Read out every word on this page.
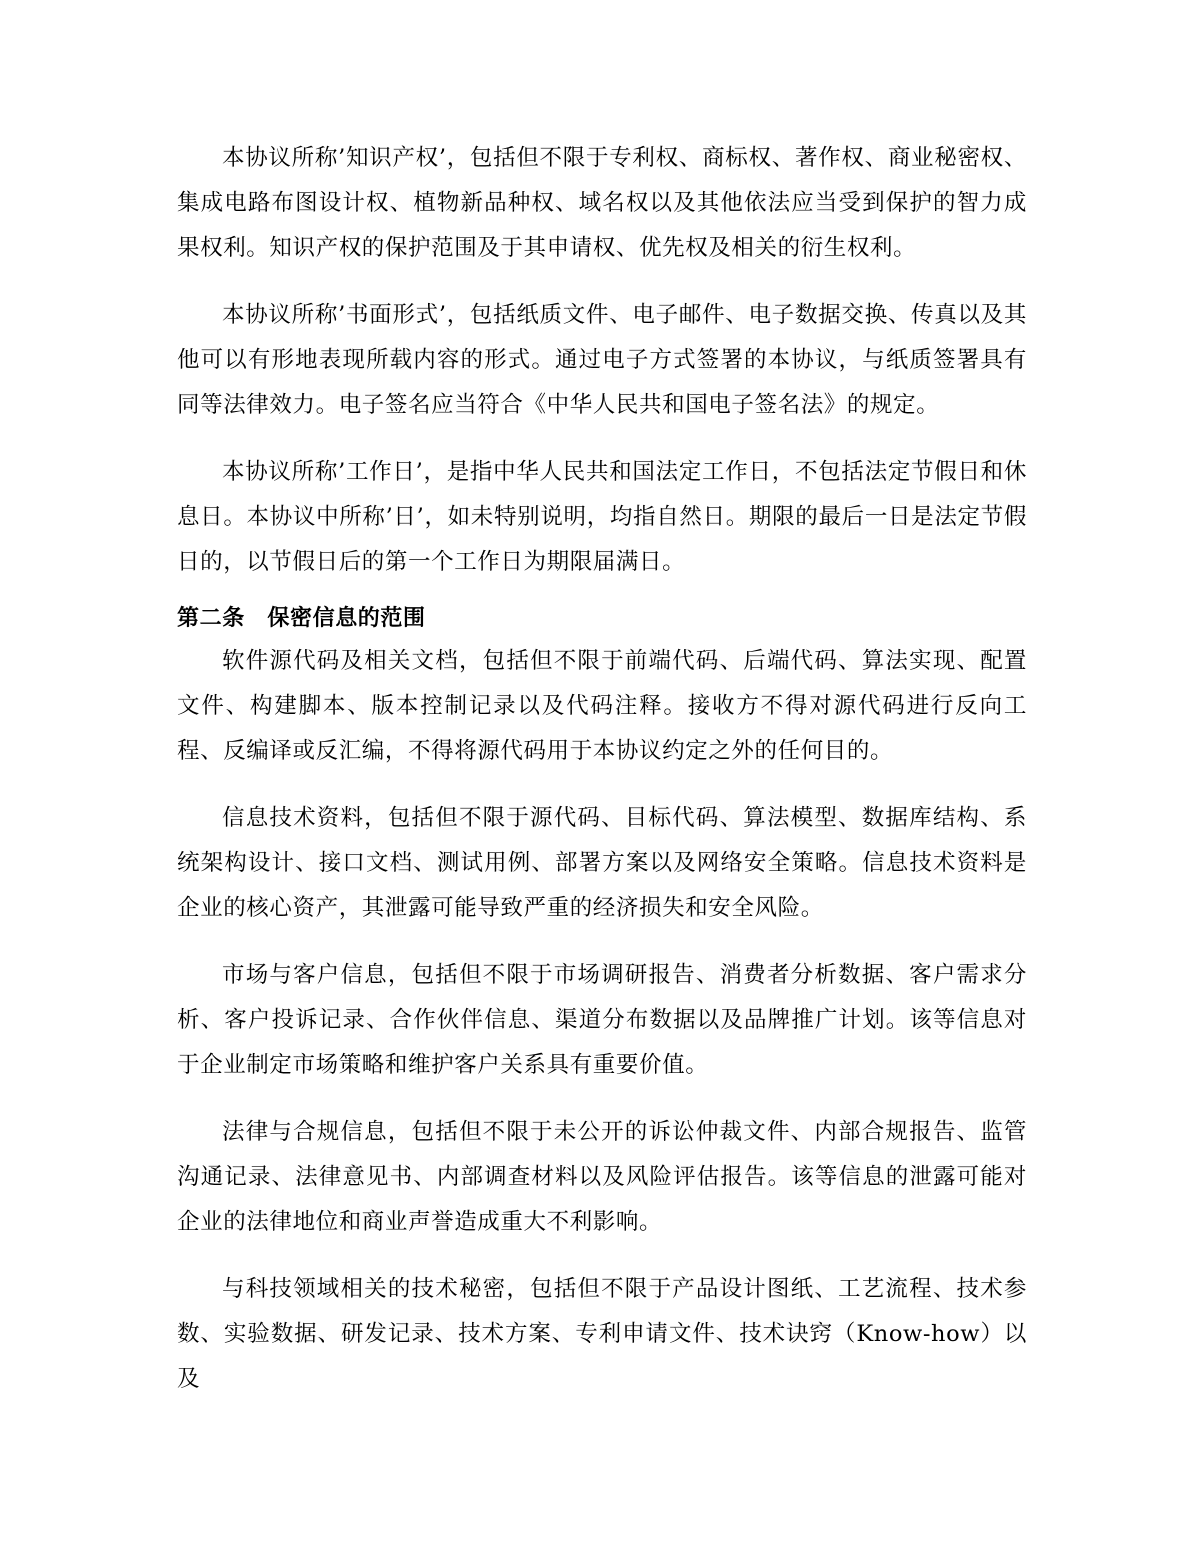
本协议所称’知识产权’，包括但不限于专利权、商标权、著作权、商业秘密权、集成电路布图设计权、植物新品种权、域名权以及其他依法应当受到保护的智力成果权利。知识产权的保护范围及于其申请权、优先权及相关的衍生权利。

本协议所称’书面形式’，包括纸质文件、电子邮件、电子数据交换、传真以及其他可以有形地表现所载内容的形式。通过电子方式签署的本协议，与纸质签署具有同等法律效力。电子签名应当符合《中华人民共和国电子签名法》的规定。

本协议所称’工作日’，是指中华人民共和国法定工作日，不包括法定节假日和休息日。本协议中所称’日’，如未特别说明，均指自然日。期限的最后一日是法定节假日的，以节假日后的第一个工作日为期限届满日。

第二条　保密信息的范围

软件源代码及相关文档，包括但不限于前端代码、后端代码、算法实现、配置文件、构建脚本、版本控制记录以及代码注释。接收方不得对源代码进行反向工程、反编译或反汇编，不得将源代码用于本协议约定之外的任何目的。

信息技术资料，包括但不限于源代码、目标代码、算法模型、数据库结构、系统架构设计、接口文档、测试用例、部署方案以及网络安全策略。信息技术资料是企业的核心资产，其泄露可能导致严重的经济损失和安全风险。

市场与客户信息，包括但不限于市场调研报告、消费者分析数据、客户需求分析、客户投诉记录、合作伙伴信息、渠道分布数据以及品牌推广计划。该等信息对于企业制定市场策略和维护客户关系具有重要价值。

法律与合规信息，包括但不限于未公开的诉讼仲裁文件、内部合规报告、监管沟通记录、法律意见书、内部调查材料以及风险评估报告。该等信息的泄露可能对企业的法律地位和商业声誉造成重大不利影响。

与科技领域相关的技术秘密，包括但不限于产品设计图纸、工艺流程、技术参数、实验数据、研发记录、技术方案、专利申请文件、技术诀窍（Know-how）以及
